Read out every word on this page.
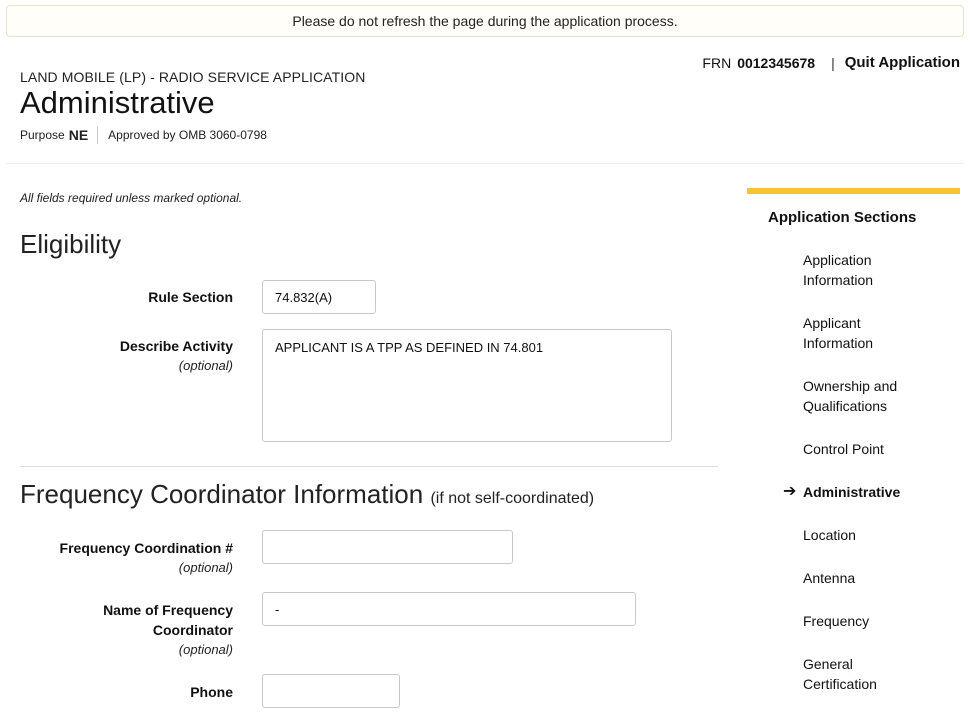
Please do not refresh the page during the application process.
FRN 0012345678 | Quit Application
LAND MOBILE (LP) - RADIO SERVICE APPLICATION
Administrative
Purpose NE Approved by OMB 3060-0798
All fields required unless marked optional.
Eligibility
Rule Section
74.832(A)
Describe Activity
(optional)
APPLICANT IS A TPP AS DEFINED IN 74.801
Frequency Coordinator Information (if not self-coordinated)
Frequency Coordination #
(optional)
Name of Frequency Coordinator
(optional)
-
Phone
Application Sections
Application Information
Applicant Information
Ownership and Qualifications
Control Point
➔ Administrative
Location
Antenna
Frequency
General Certification
